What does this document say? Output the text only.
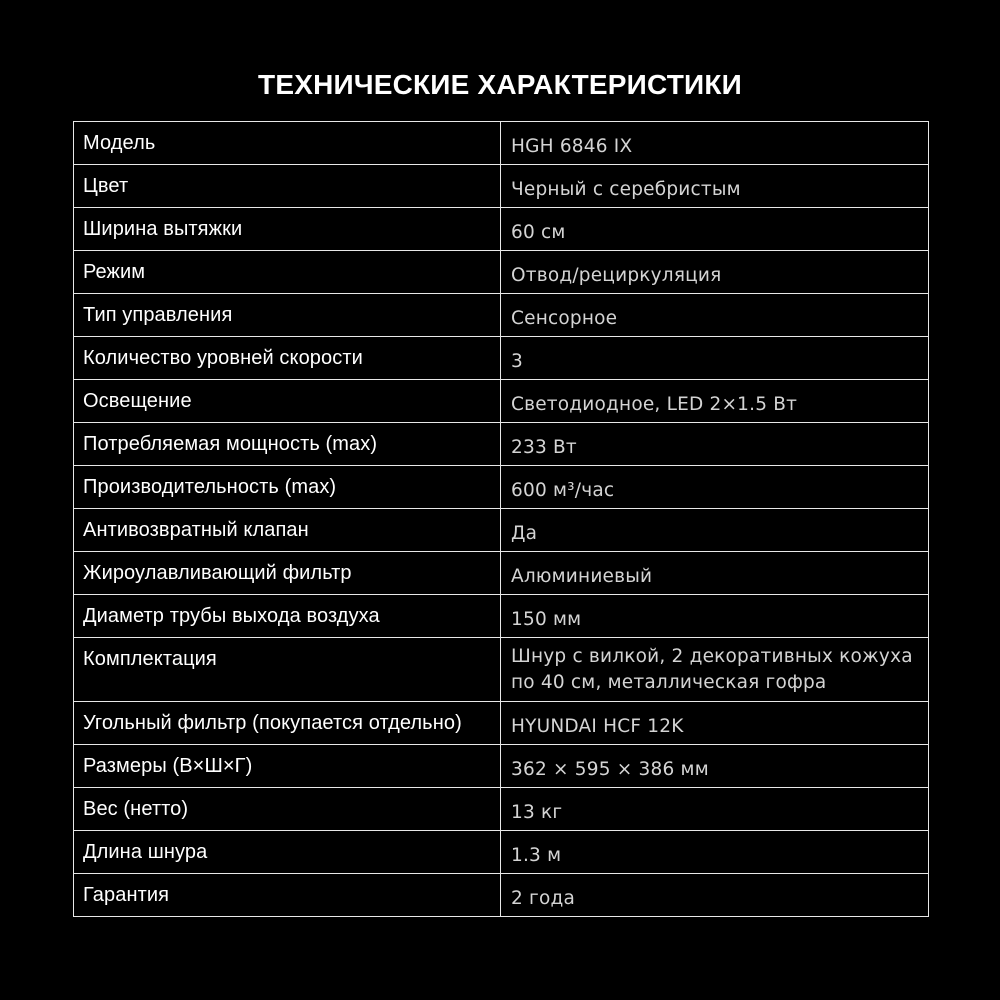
ТЕХНИЧЕСКИЕ ХАРАКТЕРИСТИКИ
Модель	HGH 6846 IX
Цвет	Черный с серебристым
Ширина вытяжки	60 см
Режим	Отвод/рециркуляция
Тип управления	Сенсорное
Количество уровней скорости	3
Освещение	Светодиодное, LED 2×1.5 Вт
Потребляемая мощность (max)	233 Вт
Производительность (max)	600 м³/час
Антивозвратный клапан	Да
Жироулавливающий фильтр	Алюминиевый
Диаметр трубы выхода воздуха	150 мм
Комплектация	Шнур с вилкой, 2 декоративных кожуха по 40 см, металлическая гофра
Угольный фильтр (покупается отдельно)	HYUNDAI HCF 12K
Размеры (В×Ш×Г)	362 × 595 × 386 мм
Вес (нетто)	13 кг
Длина шнура	1.3 м
Гарантия	2 года
